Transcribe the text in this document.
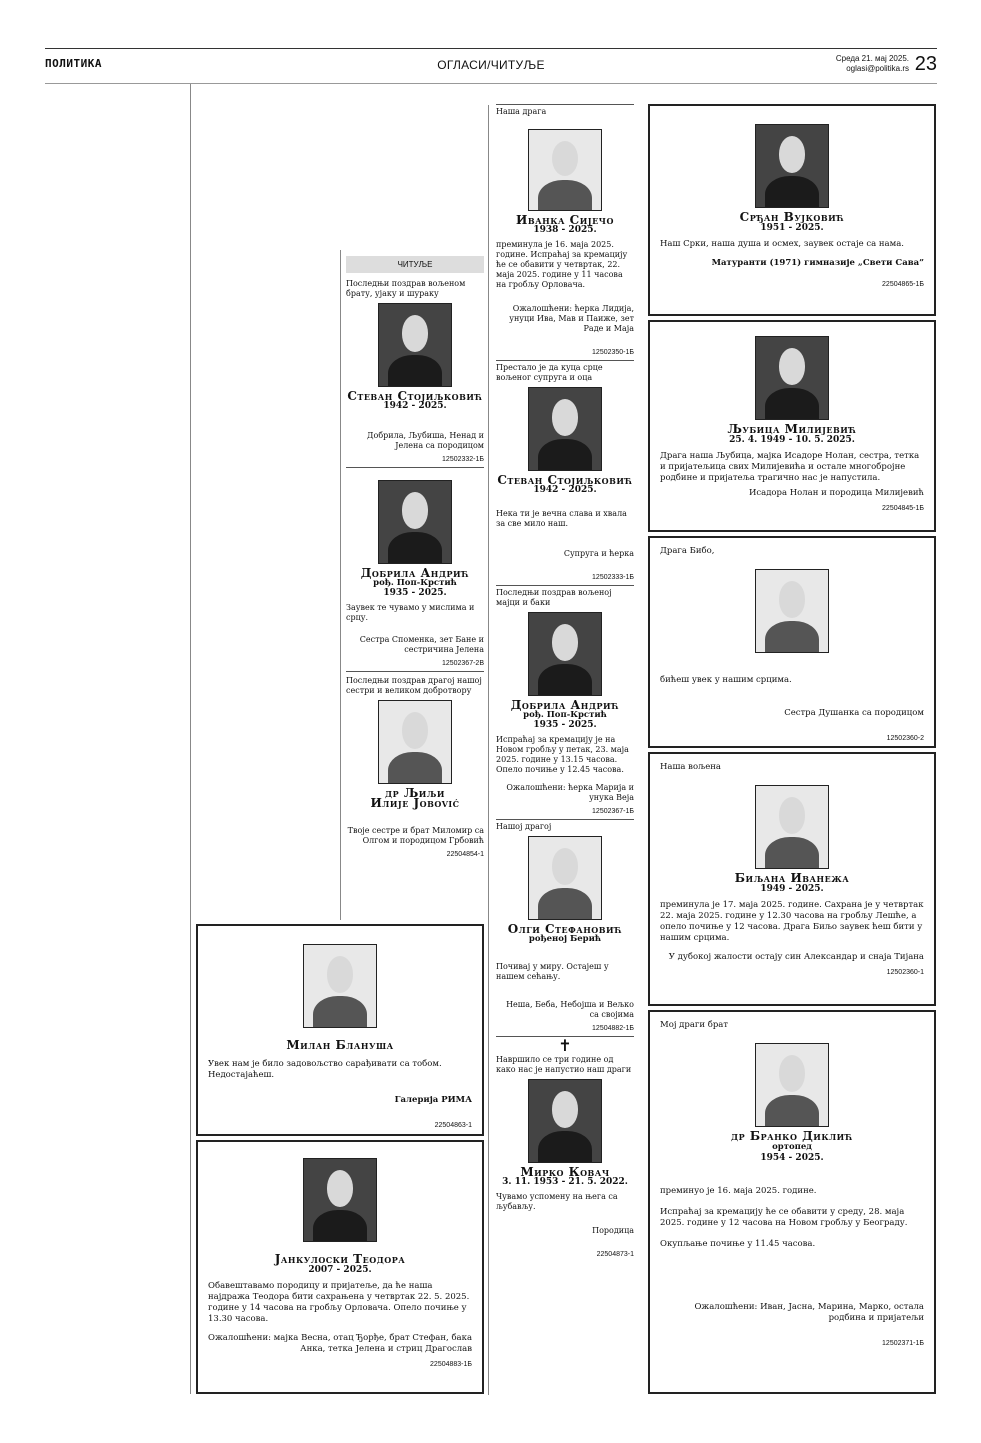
ПОЛИТИКА	ОГЛАСИ/ЧИТУЉЕ	Среда 21. мај 2025.
oglasi@politika.rs 23
ЧИТУЉЕ
Последњи поздрав вољеном брату, ујаку и шураку
Стеван Стојиљковић
1942 - 2025.
Добрила, Љубиша, Ненад и Јелена са породицом
12502332-1Б
Добрила Андрић
рођ. Поп-Крстић
1935 - 2025.
Заувек те чувамо у мислима и срцу.
Сестра Споменка, зет Бане и сестричина Јелена
12502367-2В
Последњи поздрав драгој нашој сестри и великом добротвору
др Љиљи
Илије Јовović
Твоје сестре и брат Миломир са Олгом и породицом Грбовић
22504854-1
Наша драга
Иванка Сијечо
1938 - 2025.
преминула је 16. маја 2025. године. Испраћај за кремацију ће се обавити у четвртак, 22. маја 2025. године у 11 часова на гробљу Орловача.
Ожалошћени: ћерка Лидија, унуци Ива, Мав и Паиже, зет Раде и Маја
12502350-1Б
Престало је да куца срце вољеног супруга и оца
Стеван Стојиљковић
1942 - 2025.
Нека ти је вечна слава и хвала за све мило наш.
Супруга и ћерка
12502333-1Б
Последњи поздрав вољеној мајци и баки
Добрила Андрић
рођ. Поп-Крстић
1935 - 2025.
Испраћај за кремацију је на Новом гробљу у петак, 23. маја 2025. године у 13.15 часова. Опело почиње у 12.45 часова.
Ожалошћени: ћерка Марија и унука Веја
12502367-1Б
Нашој драгој
Олги Стефановић
рођеној Берић
Почивај у миру. Остајеш у нашем сећању.
Неша, Беба, Небојша и Вељко са својима
12504882-1Б
✝
Навршило се три године од како нас је напустио наш драги
Мирко Ковач
3. 11. 1953 - 21. 5. 2022.
Чувамо успомену на њега са љубављу.
Породица
22504873-1
Срђан Вујковић
1951 - 2025.
Наш Срки, наша душа и осмех, заувек остаје са нама.
Матуранти (1971) гимназије „Свети Сава”
22504865-1Б
Љубица Милијевић
25. 4. 1949 - 10. 5. 2025.
Драга наша Љубица, мајка Исадоре Нолан, сестра, тетка и пријатељица свих Милијевића и осталe многобројне родбине и пријатеља трагично нас је напустила.
Исадора Нолан и породица Милијевић
22504845-1Б
Драга Бибо,
бићеш увек у нашим срцима.
Сестра Душанка са породицом
12502360-2
Наша вољена
Биљана Иванежа
1949 - 2025.
преминула је 17. маја 2025. године. Сахрана је у четвртак 22. маја 2025. године у 12.30 часова на гробљу Лешће, а опело почиње у 12 часова. Драга Биљо заувек ћеш бити у нашим срцима.
У дубокој жалости остају син Александар и снаја Тијана
12502360-1
Мој драги брат
др Бранко Диклић
ортопед
1954 - 2025.
преминуо је 16. маја 2025. године.
Испраћај за кремацију ће се обавити у среду, 28. маја 2025. године у 12 часова на Новом гробљу у Београду.
Окупљање почиње у 11.45 часова.
Ожалошћени: Иван, Јасна, Марина, Марко, остала родбина и пријатељи
12502371-1Б
Милан Блануша
Увек нам је било задовољство сарађивати са тобом. Недостајаћеш.
Галерија РИМА
22504863-1
Јанкулоски Теодора
2007 - 2025.
Обавештавамо породицу и пријатеље, да ће наша најдража Теодора бити сахрањена у четвртак 22. 5. 2025. године у 14 часова на гробљу Орловача. Опело почиње у 13.30 часова.
Ожалошћени: мајка Весна, отац Ђорђе, брат Стефан, бака Анка, тетка Јелена и стриц Драгослав
22504883-1Б
